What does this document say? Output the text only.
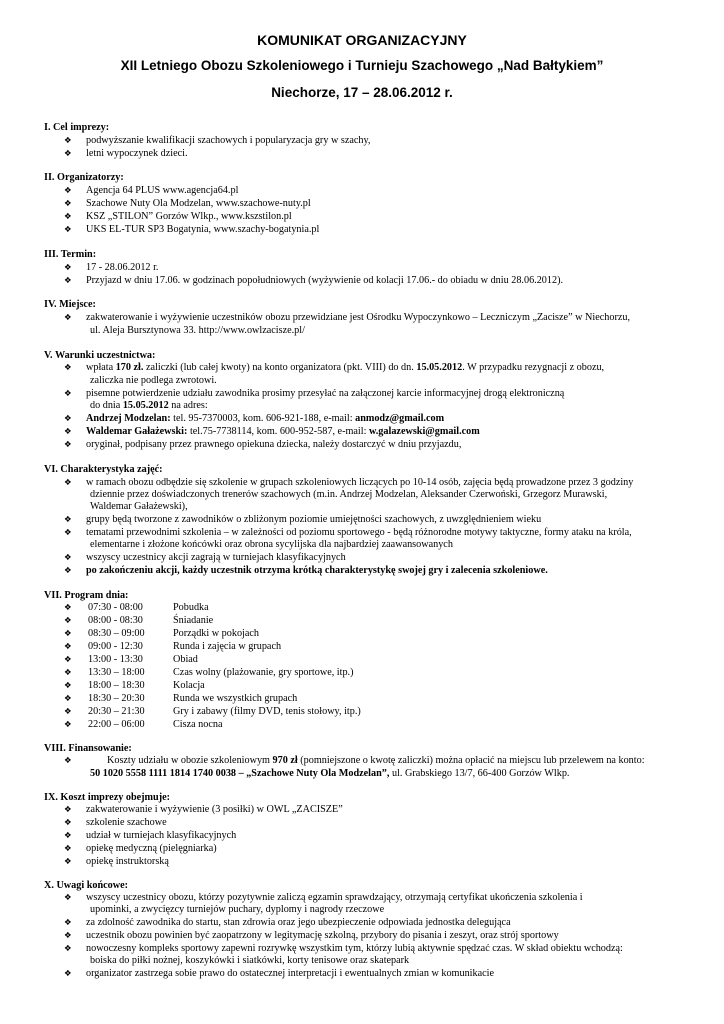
KOMUNIKAT ORGANIZACYJNY
XII Letniego Obozu Szkoleniowego i Turnieju Szachowego „Nad Bałtykiem”
Niechorze, 17 – 28.06.2012 r.
I. Cel imprezy:
❖ podwyższanie kwalifikacji szachowych i popularyzacja gry w szachy,
❖ letni wypoczynek dzieci.
II. Organizatorzy:
❖ Agencja 64 PLUS www.agencja64.pl
❖ Szachowe Nuty Ola Modzelan, www.szachowe-nuty.pl
❖ KSZ „STILON” Gorzów Wlkp., www.kszstilon.pl
❖ UKS EL-TUR SP3 Bogatynia, www.szachy-bogatynia.pl
III. Termin:
❖ 17 - 28.06.2012 r.
❖ Przyjazd w dniu 17.06. w godzinach popołudniowych (wyżywienie od kolacji 17.06.- do obiadu w dniu 28.06.2012).
IV. Miejsce:
❖ zakwaterowanie i wyżywienie uczestników obozu przewidziane jest Ośrodku Wypoczynkowo – Leczniczym „Zacisze” w Niechorzu,
ul. Aleja Bursztynowa 33. http://www.owlzacisze.pl/
V. Warunki uczestnictwa:
❖ wpłata 170 zł. zaliczki (lub całej kwoty) na konto organizatora (pkt. VIII) do dn. 15.05.2012. W przypadku rezygnacji z obozu,
zaliczka nie podlega zwrotowi.
❖ pisemne potwierdzenie udziału zawodnika prosimy przesyłać na załączonej karcie informacyjnej drogą elektroniczną
do dnia 15.05.2012 na adres:
❖ Andrzej Modzelan: tel. 95-7370003, kom. 606-921-188, e-mail: anmodz@gmail.com
❖ Waldemar Gałażewski: tel.75-7738114, kom. 600-952-587, e-mail: w.galazewski@gmail.com
❖ oryginał, podpisany przez prawnego opiekuna dziecka, należy dostarczyć w dniu przyjazdu,
VI. Charakterystyka zajęć:
❖ w ramach obozu odbędzie się szkolenie w grupach szkoleniowych liczących po 10-14 osób, zajęcia będą prowadzone przez 3 godziny
dziennie przez doświadczonych trenerów szachowych (m.in. Andrzej Modzelan, Aleksander Czerwoński, Grzegorz Murawski,
Waldemar Gałażewski),
❖ grupy będą tworzone z zawodników o zbliżonym poziomie umiejętności szachowych, z uwzględnieniem wieku
❖ tematami przewodnimi szkolenia – w zależności od poziomu sportowego - będą różnorodne motywy taktyczne, formy ataku na króla,
elementarne i złożone końcówki oraz obrona sycylijska dla najbardziej zaawansowanych
❖ wszyscy uczestnicy akcji zagrają w turniejach klasyfikacyjnych
❖ po zakończeniu akcji, każdy uczestnik otrzyma krótką charakterystykę swojej gry i zalecenia szkoleniowe.
VII. Program dnia:
❖ 07:30 - 08:00	Pobudka
❖ 08:00 - 08:30	Śniadanie
❖ 08:30 – 09:00	Porządki w pokojach
❖ 09:00 - 12:30	Runda i zajęcia w grupach
❖ 13:00 - 13:30	Obiad
❖ 13:30 – 18:00	Czas wolny (plażowanie, gry sportowe, itp.)
❖ 18:00 – 18:30	Kolacja
❖ 18:30 – 20:30	Runda we wszystkich grupach
❖ 20:30 – 21:30	Gry i zabawy (filmy DVD, tenis stołowy, itp.)
❖ 22:00 – 06:00	Cisza nocna
VIII. Finansowanie:
❖	Koszty udziału w obozie szkoleniowym 970 zł (pomniejszone o kwotę zaliczki) można opłacić na miejscu lub przelewem na konto:
50 1020 5558 1111 1814 1740 0038 – „Szachowe Nuty Ola Modzelan”, ul. Grabskiego 13/7, 66-400 Gorzów Wlkp.
IX. Koszt imprezy obejmuje:
❖ zakwaterowanie i wyżywienie (3 posiłki) w OWL „ZACISZE”
❖ szkolenie szachowe
❖ udział w turniejach klasyfikacyjnych
❖ opiekę medyczną (pielęgniarka)
❖ opiekę instruktorską
X. Uwagi końcowe:
❖ wszyscy uczestnicy obozu, którzy pozytywnie zaliczą egzamin sprawdzający, otrzymają certyfikat ukończenia szkolenia i
upominki, a zwycięzcy turniejów puchary, dyplomy i nagrody rzeczowe
❖ za zdolność zawodnika do startu, stan zdrowia oraz jego ubezpieczenie odpowiada jednostka delegująca
❖ uczestnik obozu powinien być zaopatrzony w legitymację szkolną, przybory do pisania i zeszyt, oraz strój sportowy
❖ nowoczesny kompleks sportowy zapewni rozrywkę wszystkim tym, którzy lubią aktywnie spędzać czas. W skład obiektu wchodzą:
boiska do piłki nożnej, koszykówki i siatkówki, korty tenisowe oraz skatepark
❖ organizator zastrzega sobie prawo do ostatecznej interpretacji i ewentualnych zmian w komunikacie
